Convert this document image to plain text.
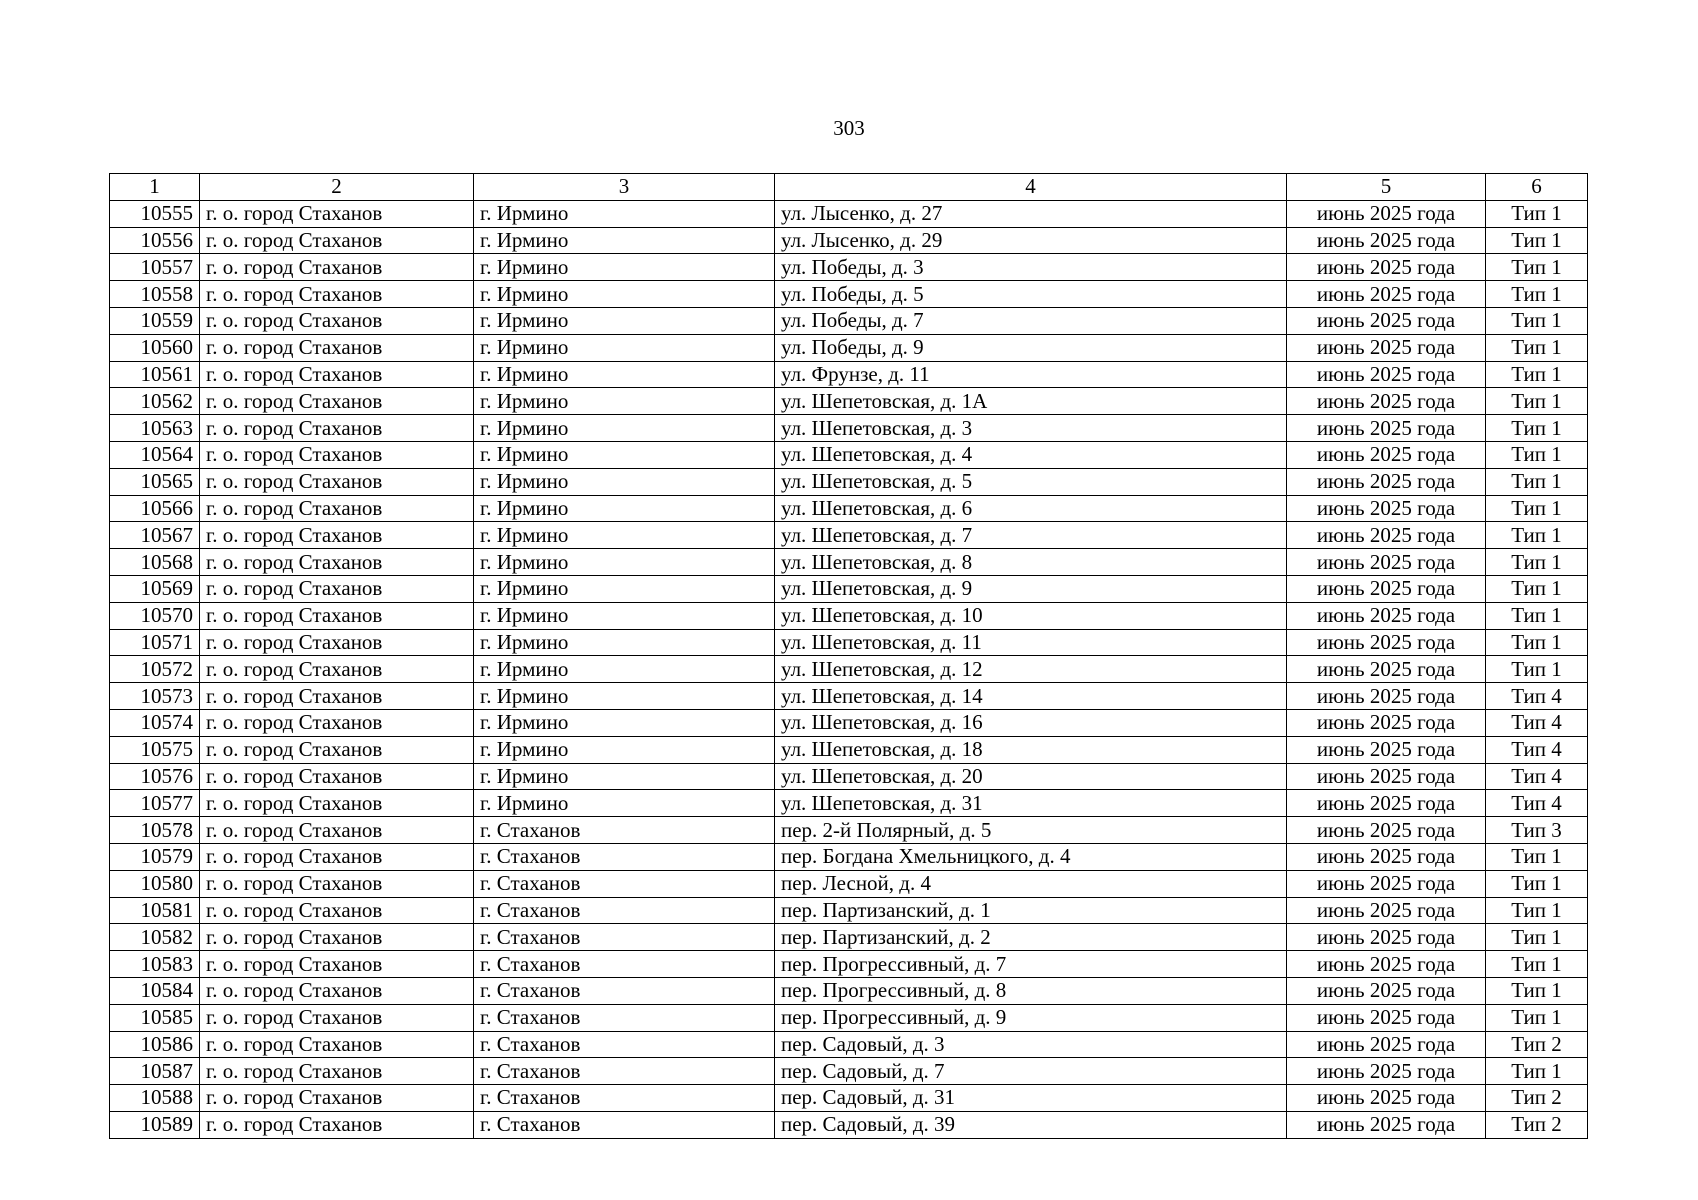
303
1	2	3	4	5	6
10555	г. о. город Стаханов	г. Ирмино	ул. Лысенко, д. 27	июнь 2025 года	Тип 1
10556	г. о. город Стаханов	г. Ирмино	ул. Лысенко, д. 29	июнь 2025 года	Тип 1
10557	г. о. город Стаханов	г. Ирмино	ул. Победы, д. 3	июнь 2025 года	Тип 1
10558	г. о. город Стаханов	г. Ирмино	ул. Победы, д. 5	июнь 2025 года	Тип 1
10559	г. о. город Стаханов	г. Ирмино	ул. Победы, д. 7	июнь 2025 года	Тип 1
10560	г. о. город Стаханов	г. Ирмино	ул. Победы, д. 9	июнь 2025 года	Тип 1
10561	г. о. город Стаханов	г. Ирмино	ул. Фрунзе, д. 11	июнь 2025 года	Тип 1
10562	г. о. город Стаханов	г. Ирмино	ул. Шепетовская, д. 1А	июнь 2025 года	Тип 1
10563	г. о. город Стаханов	г. Ирмино	ул. Шепетовская, д. 3	июнь 2025 года	Тип 1
10564	г. о. город Стаханов	г. Ирмино	ул. Шепетовская, д. 4	июнь 2025 года	Тип 1
10565	г. о. город Стаханов	г. Ирмино	ул. Шепетовская, д. 5	июнь 2025 года	Тип 1
10566	г. о. город Стаханов	г. Ирмино	ул. Шепетовская, д. 6	июнь 2025 года	Тип 1
10567	г. о. город Стаханов	г. Ирмино	ул. Шепетовская, д. 7	июнь 2025 года	Тип 1
10568	г. о. город Стаханов	г. Ирмино	ул. Шепетовская, д. 8	июнь 2025 года	Тип 1
10569	г. о. город Стаханов	г. Ирмино	ул. Шепетовская, д. 9	июнь 2025 года	Тип 1
10570	г. о. город Стаханов	г. Ирмино	ул. Шепетовская, д. 10	июнь 2025 года	Тип 1
10571	г. о. город Стаханов	г. Ирмино	ул. Шепетовская, д. 11	июнь 2025 года	Тип 1
10572	г. о. город Стаханов	г. Ирмино	ул. Шепетовская, д. 12	июнь 2025 года	Тип 1
10573	г. о. город Стаханов	г. Ирмино	ул. Шепетовская, д. 14	июнь 2025 года	Тип 4
10574	г. о. город Стаханов	г. Ирмино	ул. Шепетовская, д. 16	июнь 2025 года	Тип 4
10575	г. о. город Стаханов	г. Ирмино	ул. Шепетовская, д. 18	июнь 2025 года	Тип 4
10576	г. о. город Стаханов	г. Ирмино	ул. Шепетовская, д. 20	июнь 2025 года	Тип 4
10577	г. о. город Стаханов	г. Ирмино	ул. Шепетовская, д. 31	июнь 2025 года	Тип 4
10578	г. о. город Стаханов	г. Стаханов	пер. 2-й Полярный, д. 5	июнь 2025 года	Тип 3
10579	г. о. город Стаханов	г. Стаханов	пер. Богдана Хмельницкого, д. 4	июнь 2025 года	Тип 1
10580	г. о. город Стаханов	г. Стаханов	пер. Лесной, д. 4	июнь 2025 года	Тип 1
10581	г. о. город Стаханов	г. Стаханов	пер. Партизанский, д. 1	июнь 2025 года	Тип 1
10582	г. о. город Стаханов	г. Стаханов	пер. Партизанский, д. 2	июнь 2025 года	Тип 1
10583	г. о. город Стаханов	г. Стаханов	пер. Прогрессивный, д. 7	июнь 2025 года	Тип 1
10584	г. о. город Стаханов	г. Стаханов	пер. Прогрессивный, д. 8	июнь 2025 года	Тип 1
10585	г. о. город Стаханов	г. Стаханов	пер. Прогрессивный, д. 9	июнь 2025 года	Тип 1
10586	г. о. город Стаханов	г. Стаханов	пер. Садовый, д. 3	июнь 2025 года	Тип 2
10587	г. о. город Стаханов	г. Стаханов	пер. Садовый, д. 7	июнь 2025 года	Тип 1
10588	г. о. город Стаханов	г. Стаханов	пер. Садовый, д. 31	июнь 2025 года	Тип 2
10589	г. о. город Стаханов	г. Стаханов	пер. Садовый, д. 39	июнь 2025 года	Тип 2
